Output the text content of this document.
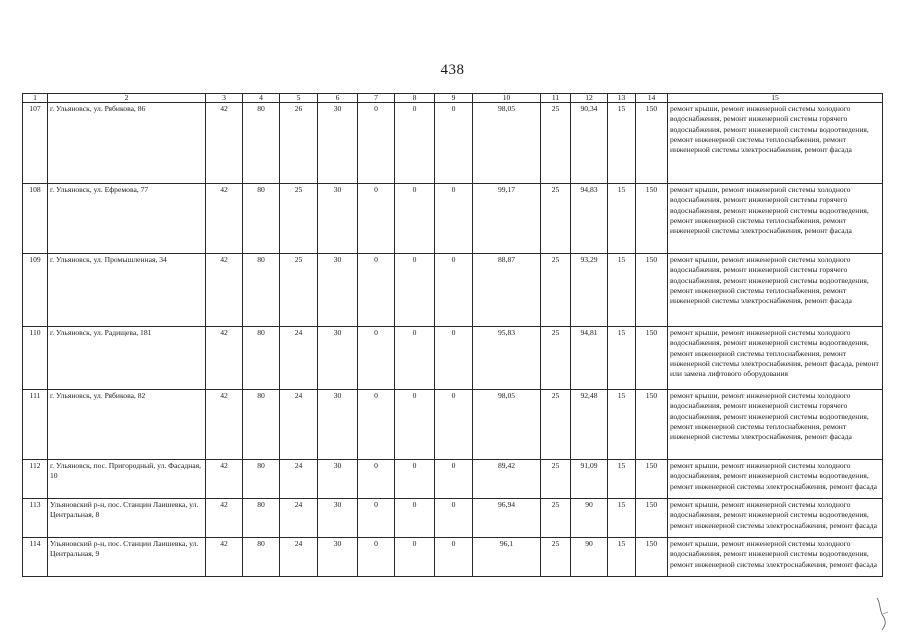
438
1	2	3	4	5	6	7	8	9	10	11	12	13	14	15
107	г. Ульяновск, ул. Рябикова, 86	42	80	26	30	0	0	0	98,05	25	90,34	15	150	ремонт крыши, ремонт инженерной системы холодного водоснабжения, ремонт инженерной системы горячего водоснабжения, ремонт инженерной системы водоотведения, ремонт инженерной системы теплоснабжения, ремонт инженерной системы электроснабжения, ремонт фасада
108	г. Ульяновск, ул. Ефремова, 77	42	80	25	30	0	0	0	99,17	25	94,83	15	150	ремонт крыши, ремонт инженерной системы холодного водоснабжения, ремонт инженерной системы горячего водоснабжения, ремонт инженерной системы водоотведения, ремонт инженерной системы теплоснабжения, ремонт инженерной системы электроснабжения, ремонт фасада
109	г. Ульяновск, ул. Промышленная, 34	42	80	25	30	0	0	0	88,87	25	93,29	15	150	ремонт крыши, ремонт инженерной системы холодного водоснабжения, ремонт инженерной системы горячего водоснабжения, ремонт инженерной системы водоотведения, ремонт инженерной системы теплоснабжения, ремонт инженерной системы электроснабжения, ремонт фасада
110	г. Ульяновск, ул. Радищева, 181	42	80	24	30	0	0	0	95,83	25	94,81	15	150	ремонт крыши, ремонт инженерной системы холодного водоснабжения, ремонт инженерной системы водоотведения, ремонт инженерной системы теплоснабжения, ремонт инженерной системы электроснабжения, ремонт фасада, ремонт или замена лифтового оборудования
111	г. Ульяновск, ул. Рябикова, 82	42	80	24	30	0	0	0	98,05	25	92,48	15	150	ремонт крыши, ремонт инженерной системы холодного водоснабжения, ремонт инженерной системы горячего водоснабжения, ремонт инженерной системы водоотведения, ремонт инженерной системы теплоснабжения, ремонт инженерной системы электроснабжения, ремонт фасада
112	г. Ульяновск, пос. Пригородный, ул. Фасадная, 10	42	80	24	30	0	0	0	89,42	25	91,09	15	150	ремонт крыши, ремонт инженерной системы холодного водоснабжения, ремонт инженерной системы водоотведения, ремонт инженерной системы электроснабжения, ремонт фасада
113	Ульяновский р-н, пос. Станции Лаишевка, ул. Центральная, 8	42	80	24	30	0	0	0	96,94	25	90	15	150	ремонт крыши, ремонт инженерной системы холодного водоснабжения, ремонт инженерной системы водоотведения, ремонт инженерной системы электроснабжения, ремонт фасада
114	Ульяновский р-н, пос. Станции Лаишевка, ул. Центральная, 9	42	80	24	30	0	0	0	96,1	25	90	15	150	ремонт крыши, ремонт инженерной системы холодного водоснабжения, ремонт инженерной системы водоотведения, ремонт инженерной системы электроснабжения, ремонт фасада
